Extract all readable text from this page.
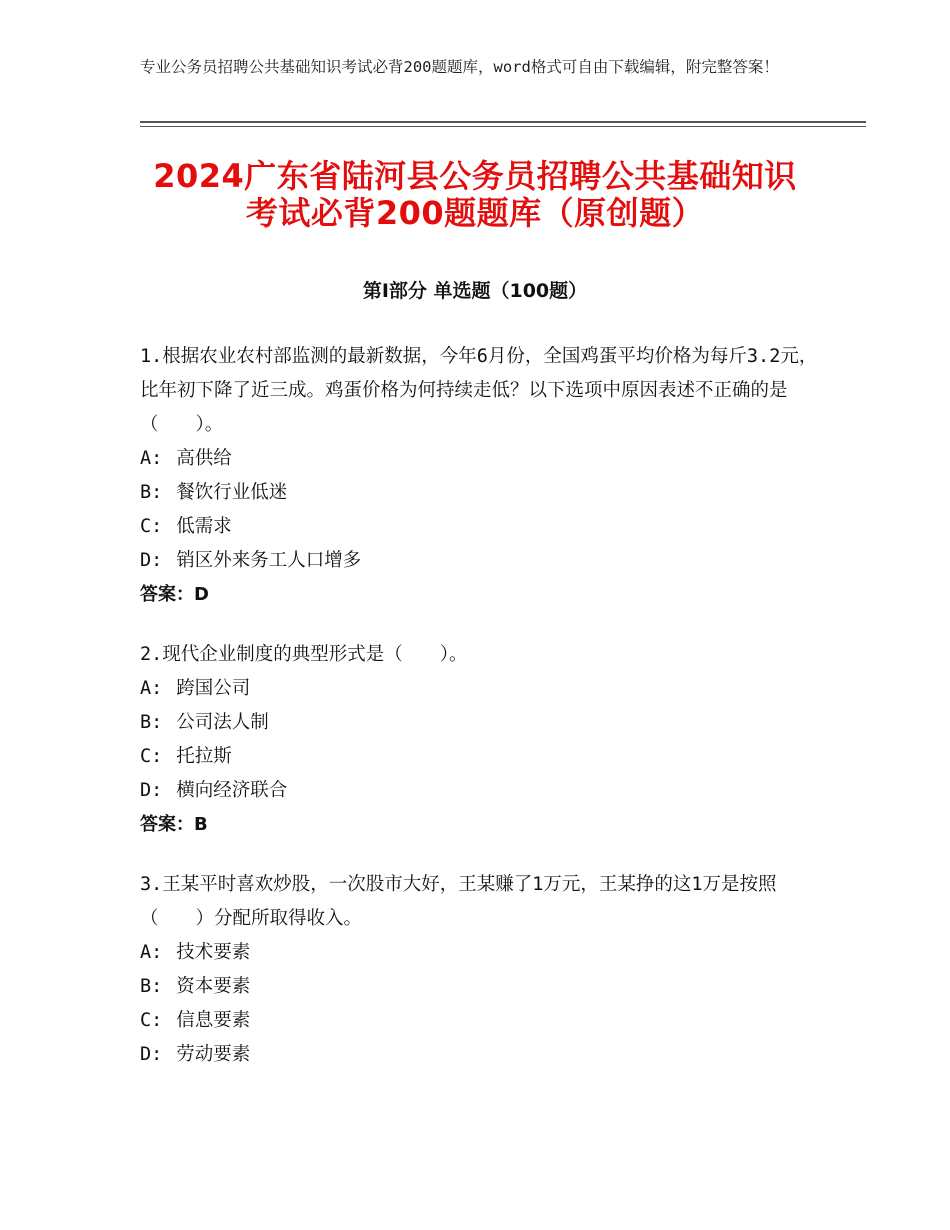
专业公务员招聘公共基础知识考试必背200题题库，word格式可自由下载编辑，附完整答案！
2024广东省陆河县公务员招聘公共基础知识
考试必背200题题库（原创题）
第Ⅰ部分 单选题（100题）
1.根据农业农村部监测的最新数据，今年6月份，全国鸡蛋平均价格为每斤3.2元，比年初下降了近三成。鸡蛋价格为何持续走低？以下选项中原因表述不正确的是（　　）。
A: 高供给
B: 餐饮行业低迷
C: 低需求
D: 销区外来务工人口增多
答案：D
2.现代企业制度的典型形式是（　　）。
A: 跨国公司
B: 公司法人制
C: 托拉斯
D: 横向经济联合
答案：B
3.王某平时喜欢炒股，一次股市大好，王某赚了1万元，王某挣的这1万是按照（　　）分配所取得收入。
A: 技术要素
B: 资本要素
C: 信息要素
D: 劳动要素
